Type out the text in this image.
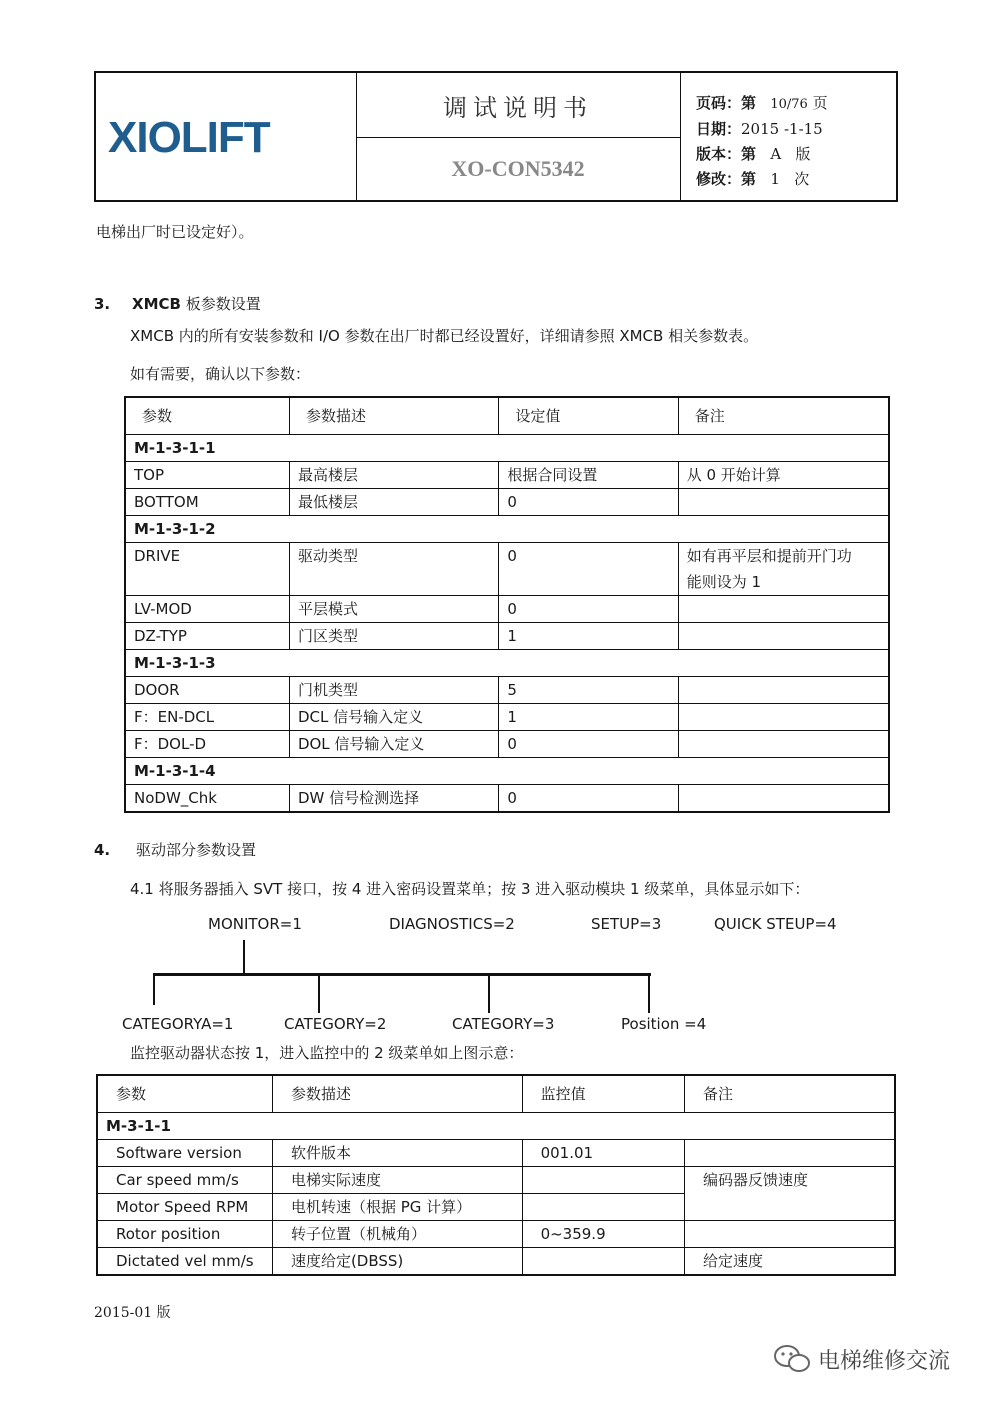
XIOLIFT
调试说明书
XO-CON5342
页码：第 10/76 页
日期：2015 -1-15
版本：第 A 版
修改：第 1 次
电梯出厂时已设定好）。
3. XMCB 板参数设置
XMCB 内的所有安装参数和 I/O 参数在出厂时都已经设置好，详细请参照 XMCB 相关参数表。
如有需要，确认以下参数：
参数	参数描述	设定值	备注
M-1-3-1-1			
TOP	最高楼层	根据合同设置	从 0 开始计算
BOTTOM	最低楼层	0	
M-1-3-1-2			
DRIVE	驱动类型	0	如有再平层和提前开门功
能则设为 1

LV-MOD	平层模式	0	
DZ-TYP	门区类型	1	
M-1-3-1-3			
DOOR	门机类型	5	
F：EN-DCL	DCL 信号输入定义	1	
F：DOL-D	DOL 信号输入定义	0	
M-1-3-1-4			
NoDW_Chk	DW 信号检测选择	0	
4. 驱动部分参数设置
4.1 将服务器插入 SVT 接口，按 4 进入密码设置菜单；按 3 进入驱动模块 1 级菜单，具体显示如下：
MONITOR=1	DIAGNOSTICS=2	SETUP=3	QUICK STEUP=4
CATEGORYA=1	CATEGORY=2	CATEGORY=3	Position =4
监控驱动器状态按 1，进入监控中的 2 级菜单如上图示意：
参数	参数描述	监控值	备注
M-3-1-1			
Software version	软件版本	001.01	
Car speed mm/s	电梯实际速度		编码器反馈速度
Motor Speed RPM	电机转速（根据 PG 计算）		
Rotor position	转子位置（机械角）	0~359.9	
Dictated vel mm/s	速度给定(DBSS)		给定速度
2015-01 版
电梯维修交流
